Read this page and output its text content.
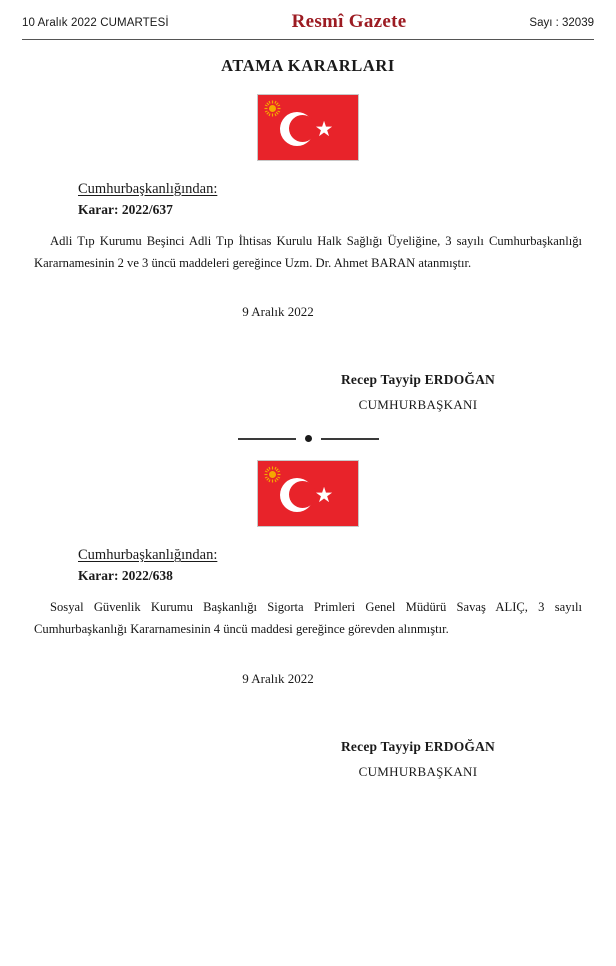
10 Aralık 2022 CUMARTESİ	Resmî Gazete	Sayı : 32039
ATAMA KARARLARI
★
Cumhurbaşkanlığından:
Karar: 2022/637
Adli Tıp Kurumu Beşinci Adli Tıp İhtisas Kurulu Halk Sağlığı Üyeliğine, 3 sayılı Cumhurbaşkanlığı Kararnamesinin 2 ve 3 üncü maddeleri gereğince Uzm. Dr. Ahmet BARAN atanmıştır.
9 Aralık 2022
Recep Tayyip ERDOĞAN
CUMHURBAŞKANI
★
Cumhurbaşkanlığından:
Karar: 2022/638
Sosyal Güvenlik Kurumu Başkanlığı Sigorta Primleri Genel Müdürü Savaş ALIÇ, 3 sayılı Cumhurbaşkanlığı Kararnamesinin 4 üncü maddesi gereğince görevden alınmıştır.
9 Aralık 2022
Recep Tayyip ERDOĞAN
CUMHURBAŞKANI
